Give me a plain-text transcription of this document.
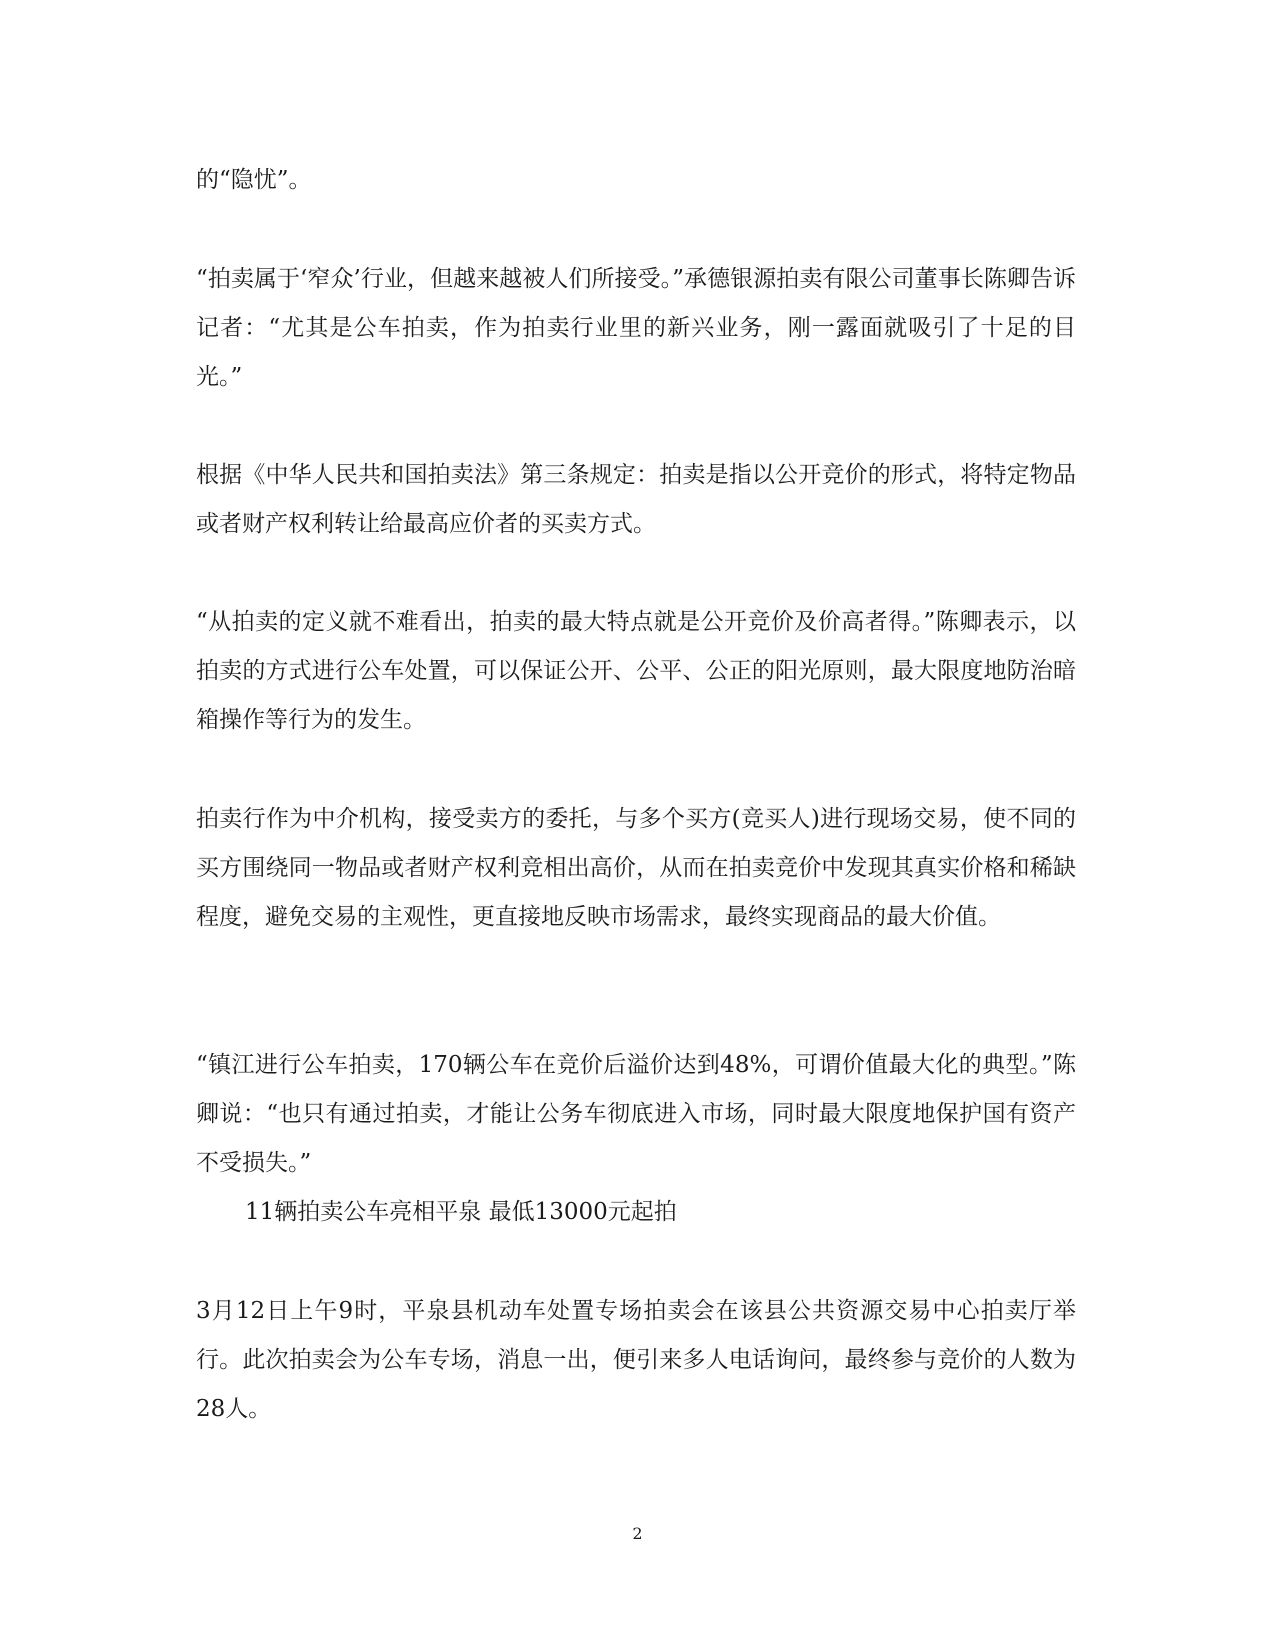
的“隐忧”。

“拍卖属于‘窄众’行业，但越来越被人们所接受。”承德银源拍卖有限公司董事长陈卿告诉记者：“尤其是公车拍卖，作为拍卖行业里的新兴业务，刚一露面就吸引了十足的目光。”

根据《中华人民共和国拍卖法》第三条规定：拍卖是指以公开竞价的形式，将特定物品或者财产权利转让给最高应价者的买卖方式。

“从拍卖的定义就不难看出，拍卖的最大特点就是公开竞价及价高者得。”陈卿表示，以拍卖的方式进行公车处置，可以保证公开、公平、公正的阳光原则，最大限度地防治暗箱操作等行为的发生。

拍卖行作为中介机构，接受卖方的委托，与多个买方(竞买人)进行现场交易，使不同的买方围绕同一物品或者财产权利竞相出高价，从而在拍卖竞价中发现其真实价格和稀缺程度，避免交易的主观性，更直接地反映市场需求，最终实现商品的最大价值。

“镇江进行公车拍卖，170辆公车在竞价后溢价达到48%，可谓价值最大化的典型。”陈卿说：“也只有通过拍卖，才能让公务车彻底进入市场，同时最大限度地保护国有资产不受损失。”

11辆拍卖公车亮相平泉 最低13000元起拍

3月12日上午9时，平泉县机动车处置专场拍卖会在该县公共资源交易中心拍卖厅举行。此次拍卖会为公车专场，消息一出，便引来多人电话询问，最终参与竞价的人数为28人。

2
